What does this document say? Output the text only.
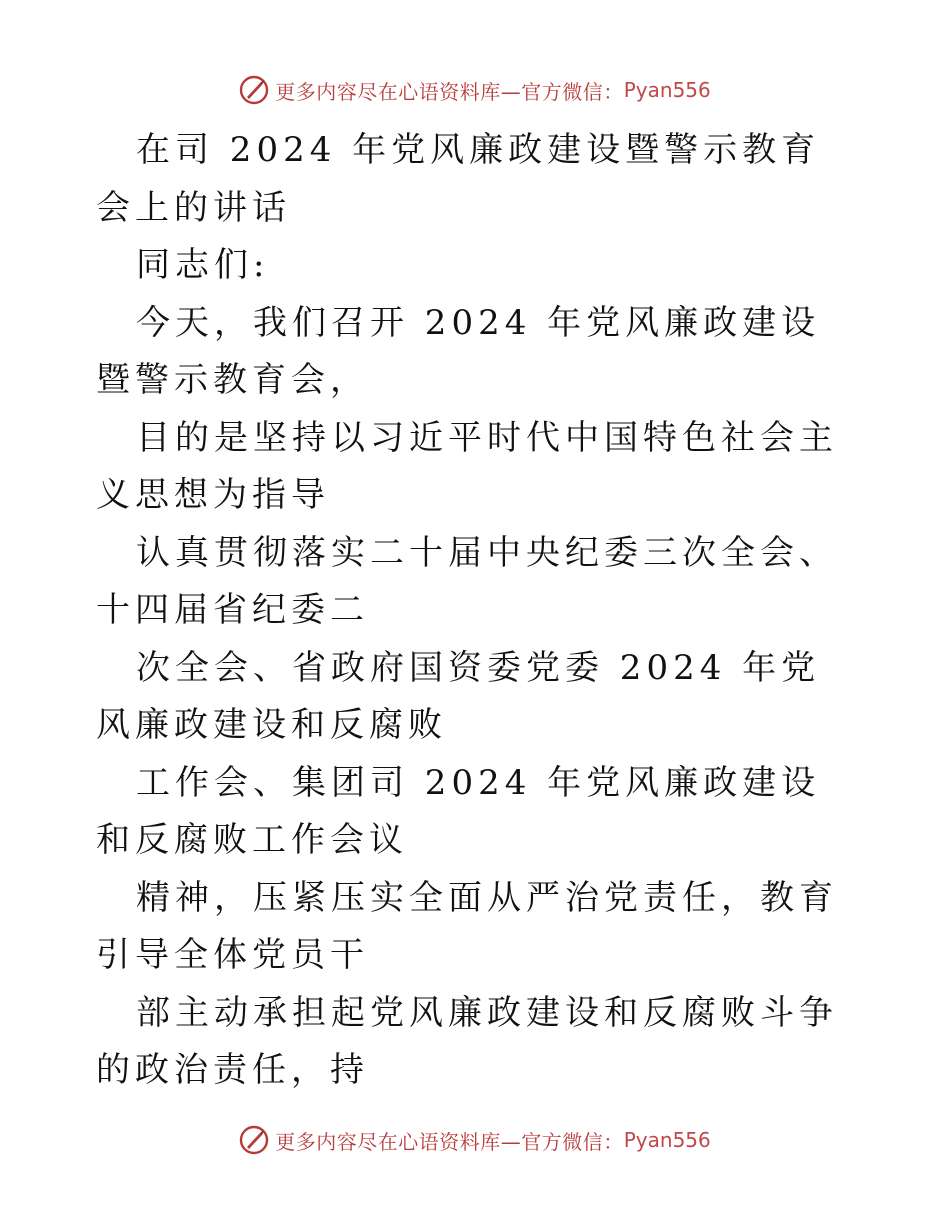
更多内容尽在心语资料库—官方微信： Pyan556

在司 2024 年党风廉政建设暨警示教育会上的讲话

同志们:

今天，我们召开 2024 年党风廉政建设暨警示教育会，

目的是坚持以习近平时代中国特色社会主义思想为指导

认真贯彻落实二十届中央纪委三次全会、十四届省纪委二

次全会、省政府国资委党委 2024 年党风廉政建设和反腐败

工作会、集团司 2024 年党风廉政建设和反腐败工作会议

精神，压紧压实全面从严治党责任，教育引导全体党员干

部主动承担起党风廉政建设和反腐败斗争的政治责任，持

更多内容尽在心语资料库—官方微信： Pyan556
